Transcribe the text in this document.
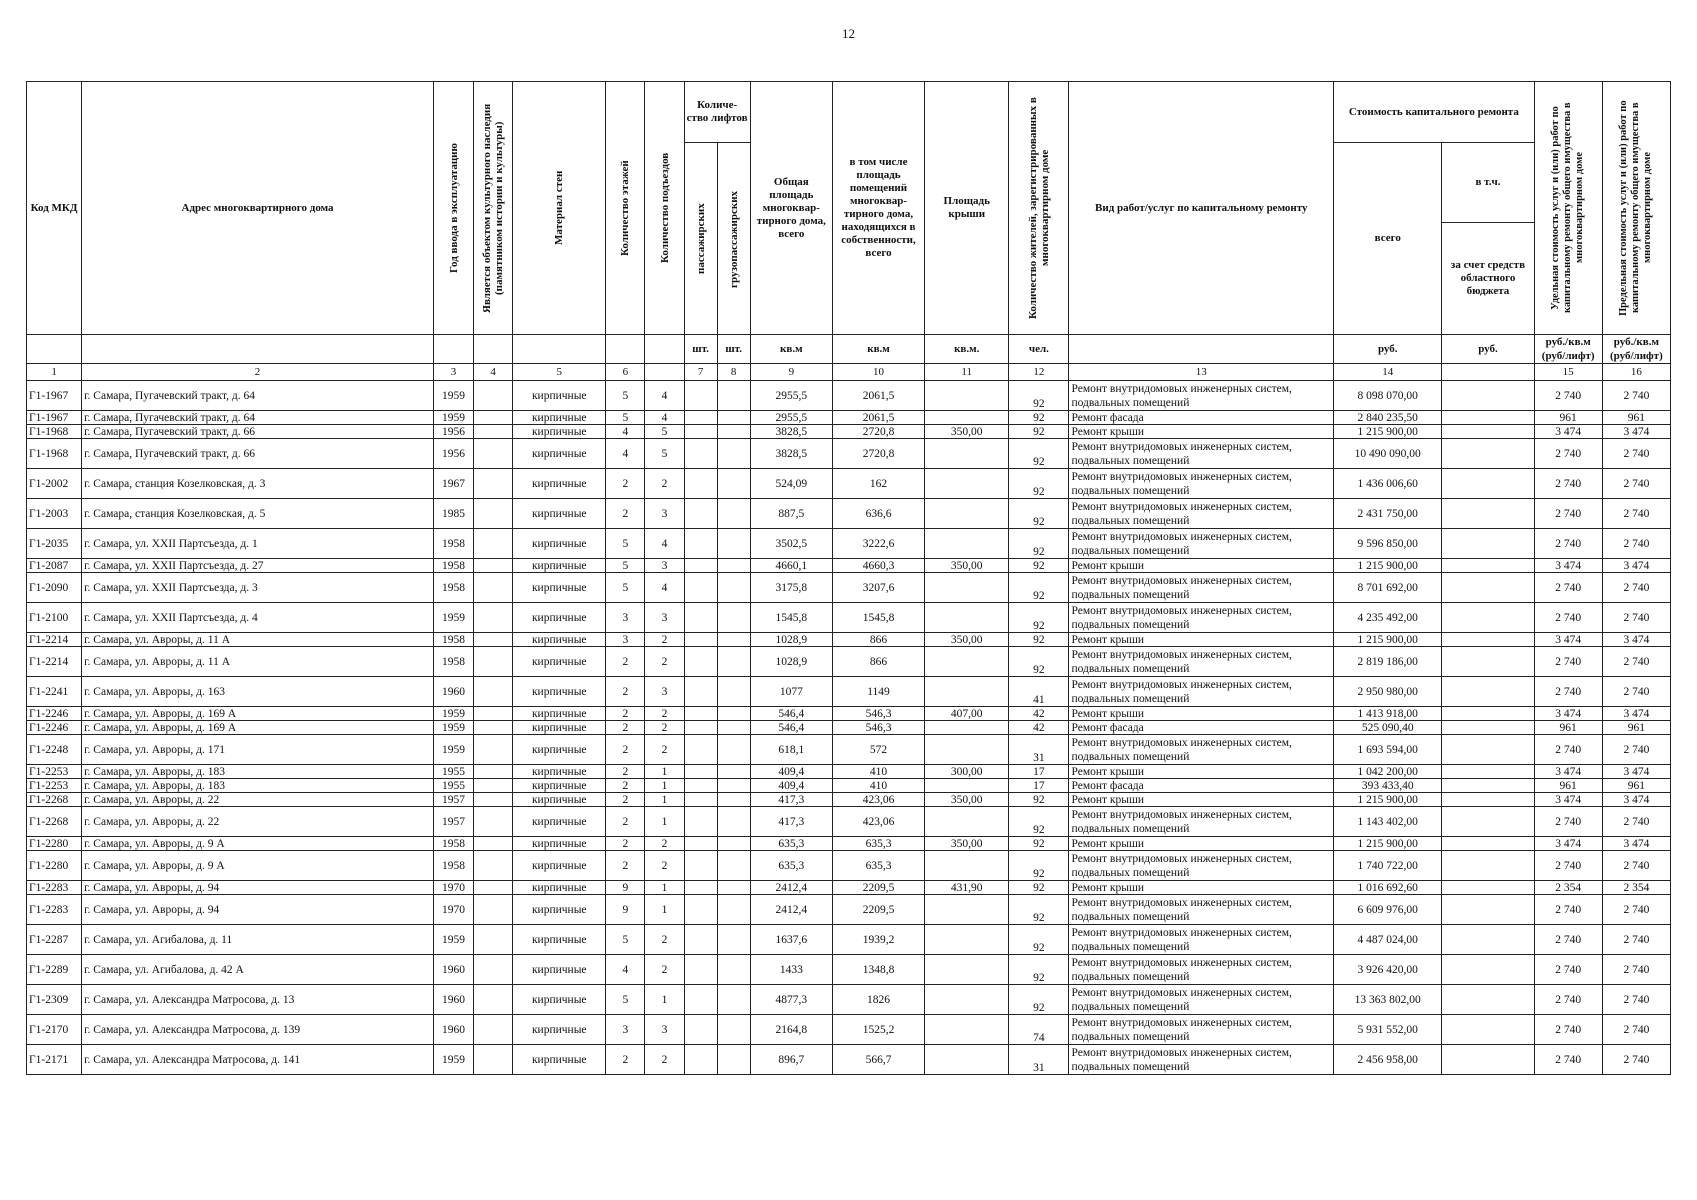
12
Код МКД	Адрес многоквартирного дома	Год ввода в эксплуатацию	Является объектом культурного наследия (памятником истории и культуры)	Материал стен	Количество этажей	Количество подъездов	Количе-ство лифтов		Общая площадь многоквар-тирного дома, всего	в том числе площадь помещений многоквар-тирного дома, находящихся в собственности, всего	Площадь крыши	Количество жителей, зарегистрированных в многоквартирном доме	Вид работ/услуг по капитальному ремонту	Стоимость капитального ремонта		Удельная стоимость услуг и (или) работ по капитальному ремонту общего имущества в многоквартирном доме	Предельная стоимость услуг и (или) работ по капитальному ремонту общего имущества в многоквартирном доме

							пассажирских	грузопассажирских						всего	в т.ч.		
															за счет средств областного бюджета		
							шт.	шт.	кв.м	кв.м	кв.м.	чел.		руб.	руб.	руб./кв.м (руб/лифт)	руб./кв.м (руб/лифт)
1	2	3	4	5	6		7	8	9	10	11	12	13	14		15	16
Г1-1967	г. Самара, Пугачевский тракт, д. 64	1959		кирпичные	5	4			2955,5	2061,5		92	Ремонт внутридомовых инженерных систем, подвальных помещений	8 098 070,00		2 740	2 740
Г1-1967	г. Самара, Пугачевский тракт, д. 64	1959		кирпичные	5	4			2955,5	2061,5		92	Ремонт фасада	2 840 235,50		961	961
Г1-1968	г. Самара, Пугачевский тракт, д. 66	1956		кирпичные	4	5			3828,5	2720,8	350,00	92	Ремонт крыши	1 215 900,00		3 474	3 474
Г1-1968	г. Самара, Пугачевский тракт, д. 66	1956		кирпичные	4	5			3828,5	2720,8		92	Ремонт внутридомовых инженерных систем, подвальных помещений	10 490 090,00		2 740	2 740
Г1-2002	г. Самара, станция Козелковская, д. 3	1967		кирпичные	2	2			524,09	162		92	Ремонт внутридомовых инженерных систем, подвальных помещений	1 436 006,60		2 740	2 740
Г1-2003	г. Самара, станция Козелковская, д. 5	1985		кирпичные	2	3			887,5	636,6		92	Ремонт внутридомовых инженерных систем, подвальных помещений	2 431 750,00		2 740	2 740
Г1-2035	г. Самара, ул. XXII Партсъезда, д. 1	1958		кирпичные	5	4			3502,5	3222,6		92	Ремонт внутридомовых инженерных систем, подвальных помещений	9 596 850,00		2 740	2 740
Г1-2087	г. Самара, ул. XXII Партсъезда, д. 27	1958		кирпичные	5	3			4660,1	4660,3	350,00	92	Ремонт крыши	1 215 900,00		3 474	3 474
Г1-2090	г. Самара, ул. XXII Партсъезда, д. 3	1958		кирпичные	5	4			3175,8	3207,6		92	Ремонт внутридомовых инженерных систем, подвальных помещений	8 701 692,00		2 740	2 740
Г1-2100	г. Самара, ул. XXII Партсъезда, д. 4	1959		кирпичные	3	3			1545,8	1545,8		92	Ремонт внутридомовых инженерных систем, подвальных помещений	4 235 492,00		2 740	2 740
Г1-2214	г. Самара, ул. Авроры, д. 11 А	1958		кирпичные	3	2			1028,9	866	350,00	92	Ремонт крыши	1 215 900,00		3 474	3 474
Г1-2214	г. Самара, ул. Авроры, д. 11 А	1958		кирпичные	2	2			1028,9	866		92	Ремонт внутридомовых инженерных систем, подвальных помещений	2 819 186,00		2 740	2 740
Г1-2241	г. Самара, ул. Авроры, д. 163	1960		кирпичные	2	3			1077	1149		41	Ремонт внутридомовых инженерных систем, подвальных помещений	2 950 980,00		2 740	2 740
Г1-2246	г. Самара, ул. Авроры, д. 169 А	1959		кирпичные	2	2			546,4	546,3	407,00	42	Ремонт крыши	1 413 918,00		3 474	3 474
Г1-2246	г. Самара, ул. Авроры, д. 169 А	1959		кирпичные	2	2			546,4	546,3		42	Ремонт фасада	525 090,40		961	961
Г1-2248	г. Самара, ул. Авроры, д. 171	1959		кирпичные	2	2			618,1	572		31	Ремонт внутридомовых инженерных систем, подвальных помещений	1 693 594,00		2 740	2 740
Г1-2253	г. Самара, ул. Авроры, д. 183	1955		кирпичные	2	1			409,4	410	300,00	17	Ремонт крыши	1 042 200,00		3 474	3 474
Г1-2253	г. Самара, ул. Авроры, д. 183	1955		кирпичные	2	1			409,4	410		17	Ремонт фасада	393 433,40		961	961
Г1-2268	г. Самара, ул. Авроры, д. 22	1957		кирпичные	2	1			417,3	423,06	350,00	92	Ремонт крыши	1 215 900,00		3 474	3 474
Г1-2268	г. Самара, ул. Авроры, д. 22	1957		кирпичные	2	1			417,3	423,06		92	Ремонт внутридомовых инженерных систем, подвальных помещений	1 143 402,00		2 740	2 740
Г1-2280	г. Самара, ул. Авроры, д. 9 А	1958		кирпичные	2	2			635,3	635,3	350,00	92	Ремонт крыши	1 215 900,00		3 474	3 474
Г1-2280	г. Самара, ул. Авроры, д. 9 А	1958		кирпичные	2	2			635,3	635,3		92	Ремонт внутридомовых инженерных систем, подвальных помещений	1 740 722,00		2 740	2 740
Г1-2283	г. Самара, ул. Авроры, д. 94	1970		кирпичные	9	1			2412,4	2209,5	431,90	92	Ремонт крыши	1 016 692,60		2 354	2 354
Г1-2283	г. Самара, ул. Авроры, д. 94	1970		кирпичные	9	1			2412,4	2209,5		92	Ремонт внутридомовых инженерных систем, подвальных помещений	6 609 976,00		2 740	2 740
Г1-2287	г. Самара, ул. Агибалова, д. 11	1959		кирпичные	5	2			1637,6	1939,2		92	Ремонт внутридомовых инженерных систем, подвальных помещений	4 487 024,00		2 740	2 740
Г1-2289	г. Самара, ул. Агибалова, д. 42 А	1960		кирпичные	4	2			1433	1348,8		92	Ремонт внутридомовых инженерных систем, подвальных помещений	3 926 420,00		2 740	2 740
Г1-2309	г. Самара, ул. Александра Матросова, д. 13	1960		кирпичные	5	1			4877,3	1826		92	Ремонт внутридомовых инженерных систем, подвальных помещений	13 363 802,00		2 740	2 740
Г1-2170	г. Самара, ул. Александра Матросова, д. 139	1960		кирпичные	3	3			2164,8	1525,2		74	Ремонт внутридомовых инженерных систем, подвальных помещений	5 931 552,00		2 740	2 740
Г1-2171	г. Самара, ул. Александра Матросова, д. 141	1959		кирпичные	2	2			896,7	566,7		31	Ремонт внутридомовых инженерных систем, подвальных помещений	2 456 958,00		2 740	2 740
